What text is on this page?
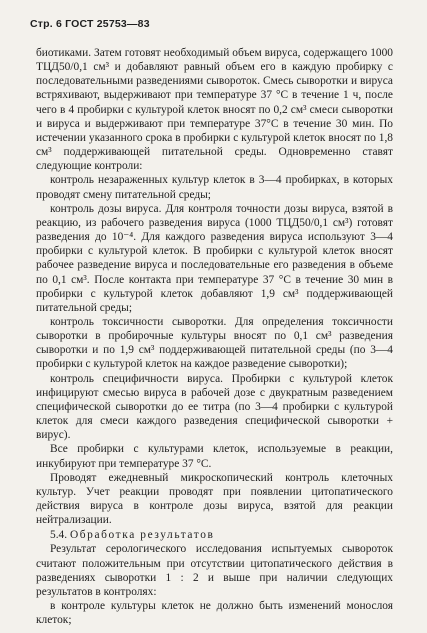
Стр. 6 ГОСТ 25753—83

биотиками. Затем готовят необходимый объем вируса, содержащего 1000 ТЦД50/0,1 см³ и добавляют равный объем его в каждую пробирку с последовательными разведениями сывороток. Смесь сыворотки и вируса встряхивают, выдерживают при температуре 37 °С в течение 1 ч, после чего в 4 пробирки с культурой клеток вносят по 0,2 см³ смеси сыворотки и вируса и выдерживают при температуре 37°С в течение 30 мин. По истечении указанного срока в пробирки с культурой клеток вносят по 1,8 см³ поддерживающей питательной среды. Одновременно ставят следующие контроли:

контроль незараженных культур клеток в 3—4 пробирках, в которых проводят смену питательной среды;

контроль дозы вируса. Для контроля точности дозы вируса, взятой в реакцию, из рабочего разведения вируса (1000 ТЦД50/0,1 см³) готовят разведения до 10⁻⁴. Для каждого разведения вируса используют 3—4 пробирки с культурой клеток. В пробирки с культурой клеток вносят рабочее разведение вируса и последовательные его разведения в объеме по 0,1 см³. После контакта при температуре 37 °С в течение 30 мин в пробирки с культурой клеток добавляют 1,9 см³ поддерживающей питательной среды;

контроль токсичности сыворотки. Для определения токсичности сыворотки в пробирочные культуры вносят по 0,1 см³ разведения сыворотки и по 1,9 см³ поддерживающей питательной среды (по 3—4 пробирки с культурой клеток на каждое разведение сыворотки);

контроль специфичности вируса. Пробирки с культурой клеток инфицируют смесью вируса в рабочей дозе с двукратным разведением специфической сыворотки до ее титра (по 3—4 пробирки с культурой клеток для смеси каждого разведения специфической сыворотки + вирус).

Все пробирки с культурами клеток, используемые в реакции, инкубируют при температуре 37 °С.

Проводят ежедневный микроскопический контроль клеточных культур. Учет реакции проводят при появлении цитопатического действия вируса в контроле дозы вируса, взятой для реакции нейтрализации.

5.4. Обработка результатов

Результат серологического исследования испытуемых сывороток считают положительным при отсутствии цитопатического действия в разведениях сыворотки 1 : 2 и выше при наличии следующих результатов в контролях:

в контроле культуры клеток не должно быть изменений монослоя клеток;
